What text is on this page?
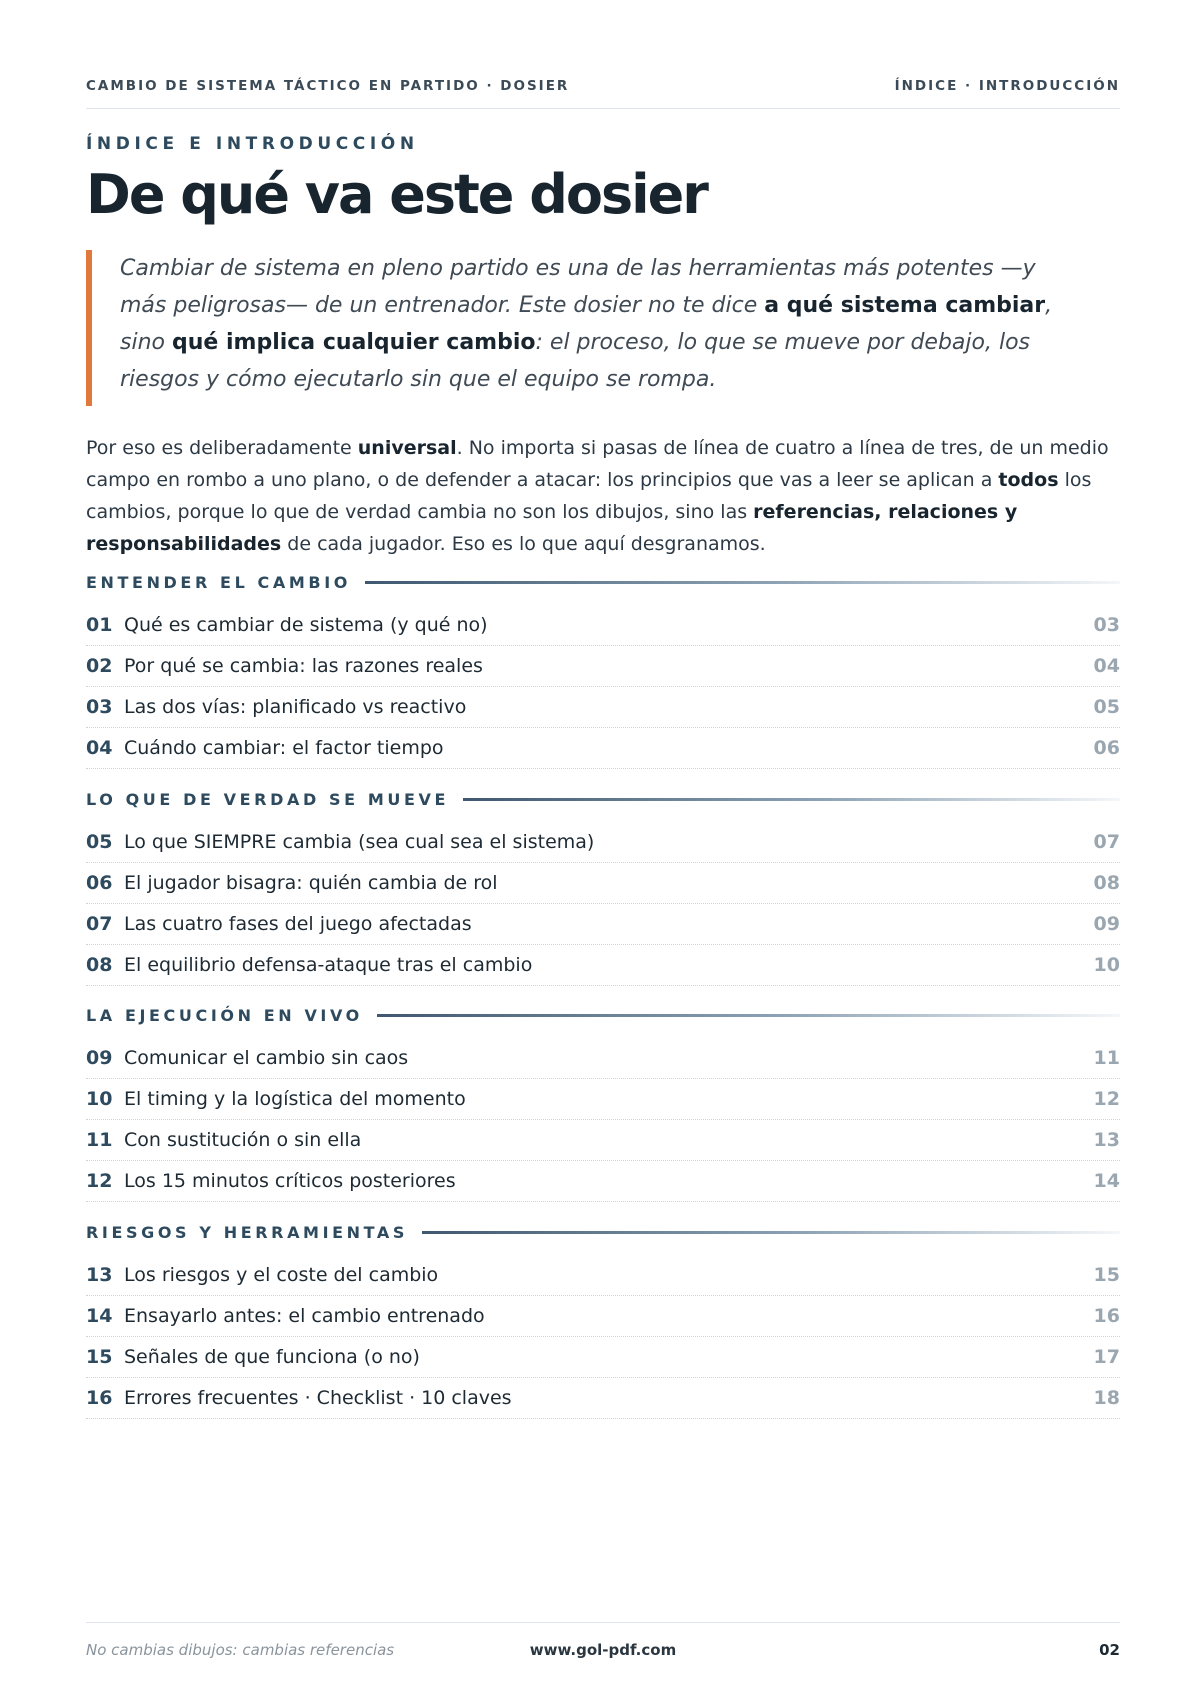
CAMBIO DE SISTEMA TÁCTICO EN PARTIDO · DOSIER	ÍNDICE · INTRODUCCIÓN
ÍNDICE E INTRODUCCIÓN
De qué va este dosier
Cambiar de sistema en pleno partido es una de las herramientas más potentes —y más peligrosas— de un entrenador. Este dosier no te dice a qué sistema cambiar, sino qué implica cualquier cambio: el proceso, lo que se mueve por debajo, los riesgos y cómo ejecutarlo sin que el equipo se rompa.
Por eso es deliberadamente universal. No importa si pasas de línea de cuatro a línea de tres, de un medio campo en rombo a uno plano, o de defender a atacar: los principios que vas a leer se aplican a todos los cambios, porque lo que de verdad cambia no son los dibujos, sino las referencias, relaciones y responsabilidades de cada jugador. Eso es lo que aquí desgranamos.
ENTENDER EL CAMBIO
01 Qué es cambiar de sistema (y qué no)	03
02 Por qué se cambia: las razones reales	04
03 Las dos vías: planificado vs reactivo	05
04 Cuándo cambiar: el factor tiempo	06
LO QUE DE VERDAD SE MUEVE
05 Lo que SIEMPRE cambia (sea cual sea el sistema)	07
06 El jugador bisagra: quién cambia de rol	08
07 Las cuatro fases del juego afectadas	09
08 El equilibrio defensa-ataque tras el cambio	10
LA EJECUCIÓN EN VIVO
09 Comunicar el cambio sin caos	11
10 El timing y la logística del momento	12
11 Con sustitución o sin ella	13
12 Los 15 minutos críticos posteriores	14
RIESGOS Y HERRAMIENTAS
13 Los riesgos y el coste del cambio	15
14 Ensayarlo antes: el cambio entrenado	16
15 Señales de que funciona (o no)	17
16 Errores frecuentes · Checklist · 10 claves	18
No cambias dibujos: cambias referencias	www.gol-pdf.com	02
